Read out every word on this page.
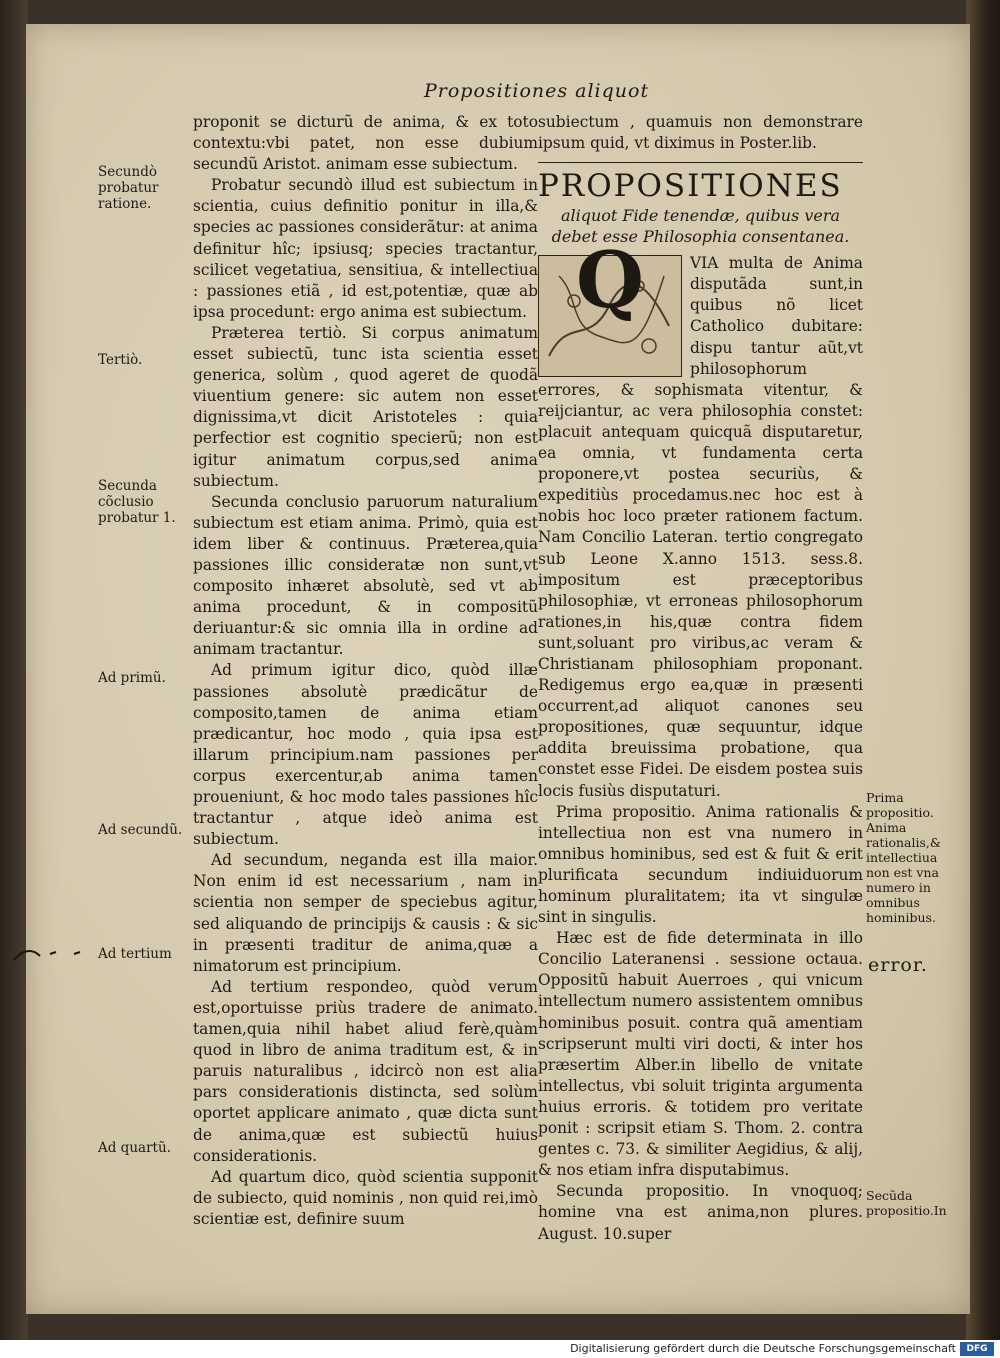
Propositiones aliquot
Secundò probatur ratione.
Tertiò.
Secunda cõclusio probatur 1.
Ad primũ.
Ad secundũ.
Ad tertium
Ad quartũ.

proponit se dicturũ de anima, & ex toto contextu:vbi patet, non esse dubium secundũ Aristot. animam esse subiectum.

Probatur secundò illud est subiectum in scientia, cuius definitio ponitur in illa,& species ac passiones considerãtur: at anima definitur hîc; ipsiusq; species tractantur, scilicet vegetatiua, sensitiua, & intellectiua : passiones etiã , id est,potentiæ, quæ ab ipsa procedunt: ergo anima est subiectum.

Præterea tertiò. Si corpus animatum esset subiectũ, tunc ista scientia esset generica, solùm , quod ageret de quodã viuentium genere: sic autem non esset dignissima,vt dicit Aristoteles : quia perfectior est cognitio specierũ; non est igitur animatum corpus,sed anima subiectum.

Secunda conclusio paruorum naturalium subiectum est etiam anima. Primò, quia est idem liber & continuus. Præterea,quia passiones illic consideratæ non sunt,vt composito inhæret absolutè, sed vt ab anima procedunt, & in compositũ deriuantur:& sic omnia illa in ordine ad animam tractantur.

Ad primum igitur dico, quòd illæ passiones absolutè prædicãtur de composito,tamen de anima etiam prædicantur, hoc modo , quia ipsa est illarum principium.nam passiones per corpus exercentur,ab anima tamen proueniunt, & hoc modo tales passiones hîc tractantur , atque ideò anima est subiectum.

Ad secundum, neganda est illa maior. Non enim id est necessarium , nam in scientia non semper de speciebus agitur, sed aliquando de principijs & causis : & sic in præsenti traditur de anima,quæ a nimatorum est principium.

Ad tertium respondeo, quòd verum est,oportuisse priùs tradere de animato. tamen,quia nihil habet aliud ferè,quàm quod in libro de anima traditum est, & in paruis naturalibus , idcircò non est alia pars considerationis distincta, sed solùm oportet applicare animato , quæ dicta sunt de anima,quæ est subiectũ huius considerationis.

Ad quartum dico, quòd scientia supponit de subiecto, quid nominis , non quid rei,imò scientiæ est, definire suum

subiectum , quamuis non demonstrare ipsum quid, vt diximus in Poster.lib.

PROPOSITIONES
aliquot Fide tenendæ, quibus vera debet esse Philosophia consentanea.
Q	VIA multa de Anima disputãda sunt,in quibus nõ licet Catholico dubitare: dispu tantur aũt,vt philosophorum errores, & sophismata vitentur, & reijciantur, ac vera philosophia constet: placuit antequam quicquã disputaretur, ea omnia, vt fundamenta certa proponere,vt postea securiùs, & expeditiùs procedamus.nec hoc est à nobis hoc loco præter rationem factum. Nam Concilio Lateran. tertio congregato sub Leone X.anno 1513. sess.8. impositum est præceptoribus philosophiæ, vt erroneas philosophorum rationes,in his,quæ contra fidem sunt,soluant pro viribus,ac veram & Christianam philosophiam proponant. Redigemus ergo ea,quæ in præsenti occurrent,ad aliquot canones seu propositiones, quæ sequuntur, idque addita breuissima probatione, qua constet esse Fidei. De eisdem postea suis locis fusiùs disputaturi.

Prima propositio. Anima rationalis & intellectiua non est vna numero in omnibus hominibus, sed est & fuit & erit plurificata secundum indiuiduorum hominum pluralitatem; ita vt singulæ sint in singulis.

Hæc est de fide determinata in illo Concilio Lateranensi . sessione octaua. Oppositũ habuit Auerroes , qui vnicum intellectum numero assistentem omnibus hominibus posuit. contra quã amentiam scripserunt multi viri docti, & inter hos præsertim Alber.in libello de vnitate intellectus, vbi soluit triginta argumenta huius erroris. & totidem pro veritate ponit : scripsit etiam S. Thom. 2. contra gentes c. 73. & similiter Aegidius, & alij, & nos etiam infra disputabimus.

Secunda propositio. In vnoquoq; homine vna est anima,non plures. August. 10.super

Prima propositio. Anima rationalis,& intellectiua non est vna numero in omnibus hominibus.
Secũda propositio.In
error.
Digitalisierung gefördert durch die Deutsche Forschungsgemeinschaft	DFG
